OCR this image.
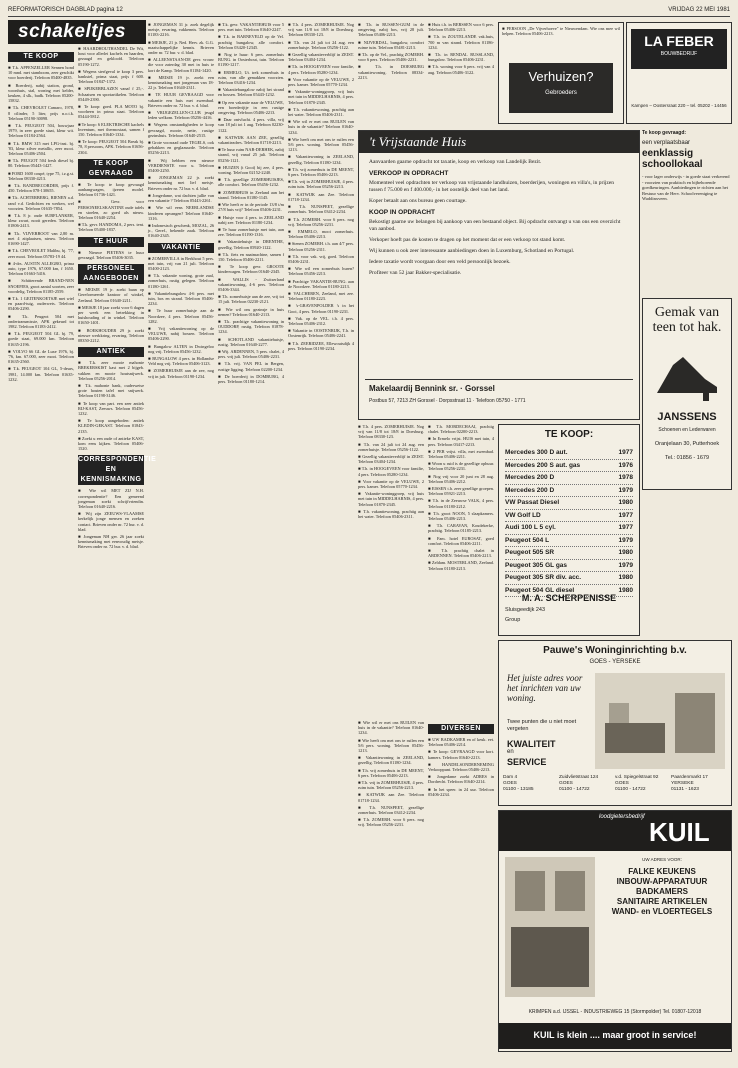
REFORMATORISCH DAGBLAD pagina 12	VRIJDAG 22 MEI 1981
schakeltjes
TE KOOP

■ T.k. APPENZELLER Sennen hond 10 mnd. met stamboom, zeer geschikt voor boerderij. Telefoon 05400-4835.

■ Boerderij, nabij station, grond, woonhuis, stal, woning met kelder, keuken, 4 slk., badk. Telefoon 05200-15832.

■ T.k. CHEVROLET Camaro, 1978, 8 cilinder, 5 liter, prijs n.o.t.k. Telefoon 05190-30098.

■ T.k. PEUGEOT 504, bouwjaar 1979, in zeer goede staat, kleur wit. Telefoon 01184-2564.

■ T.k. BMW 315 met LPG-inst. bj. '83, kleur zilver metallic, zeer mooi. Telefoon 05406-2504.

■ T.k. PEUGOT 504 fresh diesel bj. 80. Telefoon 05443-1427.

■ FORD 1600 coupé, type 75, i.z.g.st. Telefoon 08330-4213.

■ T.k. BANDRECORDER, prijs f. 450. Telefoon 078-130655.

■ T.k. ACHTERBERG, RIENEN a.d. rand v.d. Gedichten en werken, wel voorzien. Telefoon 01635-7854.

■ T.k. 8 jr. oude SUBFLANKER, kleur zwart, nooit gereden. Telefoon 01806-2413.

■ T.k. VIJVERBOOT van 2,80 m. met 4 zitplaatsen, nieuw. Telefoon 01690-1427.

■ T.k. CHEVROLET Malibu, bj. '77, zeer mooi. Telefoon 05783-19 44.

■ 4-drs. AUSTIN ALLEGRO, prima auto, type 1976, 67.000 km, f 1650. Telefoon 01663-5416.

■ Schitterende BRAND-NEN SNOEPJES, groot aantal soorten, zeer voordelig. Telefoon 01185-2559.

■ T.k. 1 GEITENKOETSJE met wiel en paard-tuig, ouderwets. Telefoon 05406-2290.

■ T.k. Peugeot 504 met ondertransmissie, APK gekeurd tot 1982. Telefoon 01183-2412.

■ T.k. PEUGEOT 504 GL bj. 79, goede staat, 69.000 km. Telefoon 01635-2196.

■ VOLVO 66 GL de Luxe 1976, bj. '76, km. 67.000, zeer mooi. Telefoon 01635-2560.

■ T.k. PEUGEOT 104 GL, 5-deurs, 1981, 14.000 km. Telefoon 01635-1232.

■ HAARDHOUTHANDEL De Wit, hout voor allerlei kachels en haarden, gezaagd en gekloofd. Telefoon 05190-1272.

■ Wegens sterfgeval te koop 3 pers. bankstel, prima staat, prijs f 600. Telefoon 01847-1372.

■ SPIJKERBLAZEN vanaf f 25,-. Schaatsen en sportartikelen. Telefoon 05449-2390.

■ Te koop: goed. PLA MOTO bj. voorheen in prima staat. Telefoon 05444-5812.

■ Te koop: 6 ELEKTRISCHE kachels Inventum, met thermostaat, samen f 150. Telefoon 01640-1334.

■ Te koop: PEUGEOT 504 Break bj. 78, 8 persoons, APK. Telefoon 01656-2304.

TE KOOP GEVRAAGD

■ Te koop: te koop gevraagd aanhangwagen, ijzeren model. Telefoon 01736-1421.

■ Gevr. voor PERSONEELSKANTINE oude tafels en stoelen, zo goed als nieuw. Telefoon 01640-2254.

■ T.k. gevr. HANDOMA, 2 pers. tent. Telefoon 05400-1837.

TE HUUR

■ Nieuwe PIETENS te huur gevraagd. Telefoon 05406-3035.

PERSONEEL AANGEBODEN

■ MEISJE 19 jr. zoekt baan op Gereformeerde kantoor of winkel, Zeeland. Telefoon 01640-2211.

■ MEISJE 18 jaar zoekt voor 6 dagen per week een betrekking in huishouding of in winkel. Telefoon 01650-1401.

■ BOEKHOUDER 29 jr. zoekt nieuwe werkkring, ervaring. Telefoon 08350-2212.

ANTIEK

■ T.k. zeer mooie mahonie BREKERSKIST kast met 2 bijgeb. vakken en mooie houtsnijwerk. Telefoon 05256-2014.

■ T.k. mahonie bank, ouderwetse grote houten tafel met snijwerk. Telefoon 01198-3146.

■ Te koop van part. een zeer antiek RIJ-KAST, Zeeuws. Telefoon 05456-1232.

■ Te koop aangeboden: antiek KLEDIN-GEKAST. Telefoon 01843-2135.

■ Zoekt u een oude of antieke KAST, kom eens kijken. Telefoon 05406-1520.

CORRESPONDENTIE EN KENNISMAKING

■ Wie wil MET ZIJ N.H. correspondentie? Een gemeend jongeman zoekt schrijfvriendin. Telefoon 01640-2216.

■ Wij zijn ZEEUWS-VLAAMSE kerkelijk jonge mensen en zoeken contact. Brieven onder nr. 72 bur. v. d. blad.

■ Jongeman NH ger. 26 jaar zoekt kennismaking met eenvoudig meisje. Brieven onder nr. 72 bur. v. d. blad.

■ JONGEMAN 31 jr. zoek degelijk meisje, ervaring, vakkennis. Telefoon 01183-2216.

■ MEISJE, 21 jr. Ned. Herv. zk. G.G. maatschappelijke kennis. Brieven onder nr. 72 bur. v. d. blad.

■ ALLEENSTAAN-DE gevr. vrouw die voor zaterdag 30 mei in huis te kort de Kamp. Telefoon 01184-1420.

■ MEISJE 19 jr. zoekt een kennismaking met jongeman van 18-22 jr. Telefoon 01640-2311.

■ TE HUUR GEVRAAGD voor vakantie een huis met zwembad. Brieven onder nr. 72 bur. v. d. blad.

■ VRIJGEZELLEN-CLUB jeugd leden welkom. Telefoon 05256-4416.

■ Wegens omstandigheden te koop gevraagd, mooie, nette, rustige gezinshuis. Telefoon 01640-2515.

■ Grote voorraad oude TEGELS, ook gebakken en geglazuurde. Telefoon 05256-2213.

■ Wij hebben een nieuwe VERDIENSTE voor u. Telefoon 05400-2250.

■ JONGEMAN 22 jr. zoekt kennismaking met lief meisje. Brieven onder nr. 72 bur. v. d. blad.

■ Jongedame, wat dachten jullie van een vakantie ? Telefoon 05443-2261.

■ Wie wil eens NEERLANDSE kinderen opvangen? Telefoon 01640-1316.

■ Indonesisch geschenk, MOZAL, 26 jr., Geref., bekende zaak. Telefoon 01640-2345.

VAKANTIE

■ ZOMERVILLA in Berkhout 5 pers. met tuin, vrij van 21 juli. Telefoon 05400-2123.

■ T.k. vakantie woning, grote zaal, zomerhuis, rustig gelegen. Telefoon 01180-1261.

■ Vakantiebungalow 4-6 pers. met tuin, bos en strand. Telefoon 05406-2234.

■ Te huur zomerhuisje aan de Noordzee, 4 pers. Telefoon 05456-1282.

■ Vrij vakantiewoning op de VELUWE, nabij bossen. Telefoon 05406-2290.

■ Bungalow ALTEN in Dwingeloo nog vrij. Telefoon 05456-1232.

■ BUNGALOW 4 pers. in Hollandse Veld nog vrij. Telefoon 05406-3123.

■ ZOMERHUISJE aan de zee, nog vrij in juli. Telefoon 01190-1234.

■ T.k. gevr. VAKANTIEHUIS voor 5 pers. met tuin. Telefoon 01640-2247.

■ T.k. in BARNEVELD op de Vel. prachtig bungalow, alle comfort. Telefoon 03420-12345.

■ Nog te huur: 6 pers. zomerhuis BUNG. in Oosterhout, tuin. Telefoon 01190-1217.

■ ERMELO, Ut. trek zomerhuis in ruim, van alle gemakken voorzien. Telefoon 03416-1234.

■ Vakantiebungalow nabij het strand en bossen. Telefoon 05443-1232.

■ Op een vakantie naar de VELUWE, een boerderijtje in een rustige omgeving. Telefoon 05406-2213.

■ Daar ontvlucht. 4 pers. villa, vrij van 18 juli tot 1 aug. Telefoon 02230-1122.

■ KATWIJK AAN ZEE, gezellig vakantieadres. Telefoon 01718-2213.

■ Te huur ruim NAB-DERHEK, nabij strand, vrij vanaf 25 juli. Telefoon 05256-1121.

■ HUIZEN (t Gooi) bij zee, 4 pers. woning. Telefoon 02152-2240.

■ T.h. gezellige ZOMERHUISJES, alle comfort. Telefoon 05456-1232.

■ ZOMERHUIS in Zeeland aan het strand. Telefoon 01180-1145.

■ Wie heeft er in de periode 13/8 t/m 27/8 huis vrij? Telefoon 05406-2231.

■ Huisje voor 4 pers. in ZEELAND nabij zee. Telefoon 01180-1234.

■ Te huur zomerhuisje met tuin, aan zee. Telefoon 01190-1316.

■ Vakantiehuisje in DRENTHE, gezellig. Telefoon 05920-1122.

■ T.k. fiets en naaimachine, samen f 150. Telefoon 05406-2211.

■ Te koop gevr. GROOTE kinderwagen. Telefoon 01640-2345.

■ WALLIS - Zwitserland vakantiewoning, 4-6 pers. Telefoon 05406-3344.

■ T.h. zomerhuisje aan de zee, vrij tot 15 juli. Telefoon 02230-2121.

■ Wie wil ons gezinsje in huis nemen? Telefoon 01640-2113.

■ T.k. prachtige vakantiewoning in OUDDORP, rustig. Telefoon 01878-1234.

■ SCHOTLAND vakantiehuisje, rustig. Telefoon 01640-2277.

■ Wij. ARDENNEN, 5 pers. chalet, 4 pers. vrij juli. Telefoon 05406-2231.

■ T.h. vrij. VAN PEL in Bergen, rustige ligging. Telefoon 02200-1234.

■ De boerderij in DOMBURG, 4 pers. Telefoon 01180-1214.

■ T.h. 4 pers. ZOMERHUISJE. Nog vrij van 11/8 tot 18/8 in Doesburg. Telefoon 08330-123.

■ T.h. van 24 juli tot 24 aug. een zomerhuisje. Telefoon 05256-1122.

■ Gezellig vakantieverblijf in ZEIST. Telefoon 03404-1234.

■ T.h. in HOOGEVEEN voor familie, 4 pers. Telefoon 05280-1234.

■ Voor vakantie op de VELUWE, 2 pers. kamer. Telefoon 05770-1234.

■ Vakantie-woninggroep, vrij huis met tuin in MIDDELHARNIS, 4 pers. Telefoon 01870-2345.

■ T.h. vakantiewoning, prachtig aan het water. Telefoon 05406-2311.

■ Wie wil er met ons RUILEN van huis in de vakantie? Telefoon 01640-1234.

■ Wie heeft om met ons te ruilen een 5/6 pers. woning. Telefoon 05456-1213.

■ Vakantiewoning in ZEELAND, gezellig. Telefoon 01180-1234.

■ T.h. vrij zomerhuis in DE MEENT, 6 pers. Telefoon 05406-2213.

■ T.h. vrij in ZOMERHUISJE, 4 pers. ruim tuin. Telefoon 05256-2213.

■ KATWIJK aan Zee. Telefoon 01718-1234.

■ T.h. NUNSPEET, gezellige zomerhuis. Telefoon 03412-2234.

■ T.h. ZOMERH. voor 6 pers. nog vrij. Telefoon 05256-2231.

■ EMMELO, mooi zomerhuis. Telefoon 05406-2213.

■ Stenen ZOMERH. t.h. aan 4/7 pers. Telefoon 05256-2311.

■ T.h. voor vak. vrij, goed. Telefoon 05406-2231.

■ Wie wil een zomerhuis huren? Telefoon 05456-2213.

■ Prachtige VAKANTIE-BUNG. aan de Noordzee. Telefoon 01180-2213.

■ VALCHEREN, Zeeland, met zee. Telefoon 01180-2223.

■ 's-GRAVENPOLDER 's in het Gooi, 4 pers. Telefoon 01190-2231.

■ Vak. op de VEL. t.h. 4 pers. Telefoon 05406-2312.

■ Vakantie in OOSTENRIJK, T.h. in Oostenrijk. Telefoon 05406-2241.

■ T.h. ZEERIDZEE, Ellewoutsdijk 4 pers. Telefoon 01190-2234.

■ T.h. in RUSSEN-GUM in de omgeving, nabij bos, vrij 28 juli. Telefoon 05406-2213.

■ NIJVERDAL, bungalow, comfort ruime tuin. Telefoon 05481-2213.

■ T.h. op de Vel., prachtig ZOMERH. voor 6 pers. Telefoon 05406-2231.

■ T.h. in DOESBURG vakantiewoning. Telefoon 08334-2213.

■ Huis t.h. in BERSSEN voor 6 pers. Telefoon 05406-2213.

■ T.h. in ZOUTELANDE vak.huis, 700 m van strand. Telefoon 01186-1234.

■ T.h. in RENDAL RUSSLAND, bungalow. Telefoon 05406-2231.

■ T.h. woning voor 6 pers. vrij van 4 aug. Telefoon 05406-3122.

■ PERSOON „De Vijverhoeve" te Nieuwendam. Wie ons mee wil helpen. Telefoon 05406-2213.

Verhuizen?
Gebroeders
LA FEBER
BOUWBEDRIJF
Kampen – Oostersraat 220 – tel. 05202 - 14456
't Vrijstaande Huis

Aanvaarden gaarne opdracht tot taxatie, koop en verkoop van Landelijk Bezit.

VERKOOP IN OPDRACHT

Momenteel veel opdrachten ter verkoop van vrijstaande landhuizen, boerderijen, woningen en villa's, in prijzen tussen f 75.000 en f 400.000,- in het oostelijk deel van het land.

Koper betaalt aan ons bureau geen courtage.

KOOP IN OPDRACHT

Bekostigt gaarne uw belangen bij aankoop van een bestaand object. Bij opdracht ontvangt u van ons een overzicht van aanbod.

Verkoper hoeft pas de kosten te dragen op het moment dat er een verkoop tot stand komt.

Wij kunnen u ook zeer interessante aanbiedingen doen in Luxemburg, Schotland en Portugal.

Iedere taxatie wordt voorgaan door een veld persoonlijk bezoek.

Profiteer van 52 jaar Bakker-specialisatie.

Makelaardij Bennink sr. · Gorssel
Postbus 57, 7213 ZH Gorssel · Dorpsstraat 11 · Telefoon 05750 - 1771
Te koop gevraagd:
een verplaatsbaar
eenklassig schoollokaal
- voor lager onderwijs - in goede staat verkerend - voorzien van praktisch en bijbehorende goedkeuringen. Aanbiedingen te richten aan het Bestuur van de Herv. Schoolvereniging te Waddinxveen.
Gemak van teen tot hak.
JANSSENS
Schoenen en Lederwaren
Oranjelaan 30, Putterhoek
Tel.: 01856 - 1679

■ T.h. MORDECHAAI, prachtig chalet. Telefoon 02200-2213.

■ In Ermelo vrijst. HUIS met tuin, 4 pers. Telefoon 03417-2213.

■ 2 PER vrijst. villa, met zwembad. Telefoon 05406-2211.

■ Woon u ruid is de gezellige ophuur. Telefoon 05256-2231.

■ Nog vrij voor 20 juni en 28 aug. Telefoon 05406-2212.

■ EISSEN t.h. zeer gezellige groepen. Telefoon 05921-2213.

■ T.h. in de Zeeuwse VALK, 4 pers. Telefoon 01180-2212.

■ T.h. groot NOON, 5 slaapkamers. Telefoon 05406-2213.

■ T.h. CARAVAN, Koudekerke, prachtig. Telefoon 01185-2213.

■ Fam. hotel EUROSAT, goed comfort. Telefoon 05406-2211.

■ T.h. prachtig chalet in ARDENNEN. Telefoon 05406-2213.

■ Zeldam. MOSTERLAND, Zeeland. Telefoon 01180-2213.

■ T.h. 4 pers. ZOMERHUISJE. Nog vrij van 11/8 tot 18/8 in Doesburg. Telefoon 08330-123.

■ T.h. van 24 juli tot 24 aug. een zomerhuisje. Telefoon 05256-1122.

■ Gezellig vakantieverblijf in ZEIST. Telefoon 03404-1234.

■ T.h. in HOOGEVEEN voor familie, 4 pers. Telefoon 05280-1234.

■ Voor vakantie op de VELUWE, 2 pers. kamer. Telefoon 05770-1234.

■ Vakantie-woninggroep, vrij huis met tuin in MIDDELHARNIS, 4 pers. Telefoon 01870-2345.

■ T.h. vakantiewoning, prachtig aan het water. Telefoon 05406-2311.

TE KOOP:
Mercedes 300 D aut.	1977
Mercedes 200 S aut. gas	1976
Mercedes 200 D	1978
Mercedes 200 D	1979
VW Passat Diesel	1980
VW Golf LD	1977
Audi 100 L 5 cyl.	1977
Peugeot 504 L	1979
Peugeot 505 SR	1980
Peugeot 305 GL gas	1979
Peugeot 305 SR div. acc.	1980
Peugeot 504 GL diesel	1980
M. A. SCHERPENISSE
Sluisgeedijk 243
Group
Pauwe's Woninginrichting b.v.
GOES - YERSEKE
Het juiste adres voor het inrichten van uw woning.
Twee punten die u niet moet vergeten
KWALITEIT
en
SERVICE
Dam 4
GOES
01100 - 13185
Zuidvlietstraat 124
GOES
01100 - 14722
v.d. Spiegelstraat 92
GOES
01100 - 14722
Paardenmarkt 17
YERSEKE
01131 - 1623
DIVERSEN

■ UW BADKAMER en of keuk. eet. Telefoon 05406-2214.

■ Te koop: GEVRAAGD voor kort. kamers. Telefoon 01640-2213.

■ HANDELSONDERNEMING Verkooppunt. Telefoon 05406-2213.

■ Jongedame zoekt ADRES in Dordrecht. Telefoon 01640-2214.

■ In het speer. in 24 uur. Telefoon 05406-2234.

■ Wie wil er met ons RUILEN van huis in de vakantie? Telefoon 01640-1234.

■ Wie heeft om met ons te ruilen een 5/6 pers. woning. Telefoon 05456-1213.

■ Vakantiewoning in ZEELAND, gezellig. Telefoon 01180-1234.

■ T.h. vrij zomerhuis in DE MEENT, 6 pers. Telefoon 05406-2213.

■ T.h. vrij in ZOMERHUISJE, 4 pers. ruim tuin. Telefoon 05256-2213.

■ KATWIJK aan Zee. Telefoon 01718-1234.

■ T.h. NUNSPEET, gezellige zomerhuis. Telefoon 03412-2234.

■ T.h. ZOMERH. voor 6 pers. nog vrij. Telefoon 05256-2231.

loodgietersbedrijf KUIL
UW ADRES VOOR:
FALKE KEUKENS
INBOUW-APPARATUUR
BADKAMERS
SANITAIRE ARTIKELEN
WAND- en VLOERTEGELS
KRIMPEN a.d. IJSSEL - INDUSTRIEWEG 15 (Stormpolder) Tel. 01807-12018
KUIL is klein .... maar groot in service!
